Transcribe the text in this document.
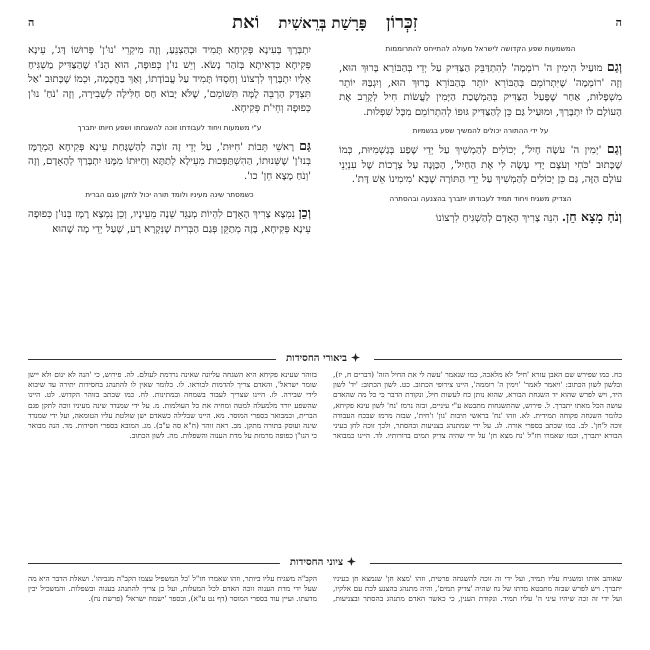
ה
זִכְּרוֹן פָּרָשַׁת בְּרֵאשִׁית וֹאת
ה
המשמעות שפע הקדושה לישראל מעולה להתייחס להתרוממות

וְגַם מוּעַיל הִימִין ה' רוֹמְמָה' לְהִתְדַּבֵּק הַצַּדִּיק עַל יְדֵי בְּהַבּוֹרֵא בָּרוּךְ הוּא, וְזֶה 'רוֹמְמָה' שֶׁיִּתְרוֹמֵם בְּהַבּוֹרֵא יוֹתֵר בְּהַבּוֹרֵא בָּרוּךְ הוּא, וְיִגְבַּהּ יוֹתֵר מִשְׁפָלוּת, אַחַר שֶׁפָּעַל הַצַּדִּיק בְּהַמְשָׁכַת הַיָּמִין לַעֲשׂוֹת חִיל לְקָרֵב אֶת הָעוֹלָם לוֹ יִתְבָּרַךְ, וּמוּעַיל גַּם כֵּן לְהַצַּדִּיק גּוּפוֹ לְהִתְרוֹמֵם מִכָּל שִׁפְלוּת.

על ידי ההתורה יכולים להמשיך שפע בגשמיות

וְגַם 'יְמִין ה' עֹשָׂה חָיִל', יְכוֹלִים לְהַמְשִׁיךְ עַל יְדֵי שֶׁפַע בְּגַשְׁמִיּוּת, כְּמוֹ שֶׁכָּתוּב 'כֹּחִי וְעֹצֶם יָדִי עָשָׂה לִי אֶת הַחַיִל', הַכַּוָּנָה עַל צְרָכוֹת שֶׁל עִנְיְנֵי עוֹלָם הַזֶּה, גַּם כֵּן יְכוֹלִים לְהַמְשִׁיךְ עַל יְדֵי הַתּוֹרָה שֶׁבָּא 'מִימִינוֹ אֵשׁ דָּת'.

הצדיק משגיח ויחוד תמיד לעבודתו יתברך בהצנעה ובהסתרה

וְנֹחַ מָצָא חֵן. הִנֵּה צָרִיךְ הָאָדָם לְהַשְׁגִּיחַ לִרְצוֹנוֹ

יִתְבָּרַךְ בְּעִינָא פְּקִיחָא תָּמִיד וּבְהַצְנֵעַ, וְזֶה מִיקְרֵי 'נוּ'ן' פְּרוּשׁוֹ דָּג', עֵינָא פְּקִיחָא כִּדְאִיתָא בְּזֹהַר נָשֹׂא. וְיֵשׁ נוּ'ן כְּפוּפָה, הוּא הַנּ'וּ שֶׁהַצַּדִּיק מַשְׁגִּיחַ אֵלָיו יִתְבָּרַךְ לִרְצוֹנוֹ וְחַסְדּוֹ תָּמִיד עַל עֲבוֹדָתוֹ, וְאַךְ בַּחֲכָמָה, וּכְמוֹ שֶׁכָּתוּב 'אַל תִּצְדַּק הַרְבֵּה לָמָּה תִּשּׁוֹמֵם', שֶׁלֹּא יָבוֹא חַס חַלִּילָה לִשְׁבִירָה, וְזֶה 'נֹחַ' נוּ'ן כְּפוּפָה וְחֵי'ת פְּקִיחָא.

ע"י משמעות ויחוד לעבודתו זוכה להשגחתו ושפע חיותו יתברך

גַּם רָאשֵׁי תֵּבוֹת 'חִיּוּת', עַל יְדֵי זֶה זוֹכֶה לְהַשְׁגָּחַת עֵינָא פְּקִיחָא הַמְרֻמָּז בְּנוּ'ן' שֶׁשְּׁנוּתוֹ, הַהִשְׁתַּפְּכוּת מִעֵילָא לְתַתָּא וְחַיּוּתוֹ מִמֶּנּוּ יִתְבָּרַךְ לְהָאָדָם, וְזֶה 'וְנֹחַ מָצָא חֵן' כו'.

כשמסתר שינה מעיניו ולומד תורה יכול לתקן פגם הברית

וְכֵן נִמְצָא צָרִיךְ הָאָדָם לִהְיוֹת מְנַגֵּד שֵׁנָה מֵעֵינָיו, וְכֵן נִמְצָא רֶמֶז בְּנוּ'ן כְּפוּפָה עֵינָא פְּקִיחָא, בָּזֶה מְתַקֵּן פְּגַם הַבְּרִית שֶׁנִּקְרָא רַע, שֶׁעַל יְדֵי מָה שֶׁהוּא

ביאורי החסידות
כח. כמו שפירש שם האבן עזרא 'חיל' לא מלאכה, כמו שנאמר 'עשה לי את החיל הזה' (דברים ח, יז), ובלשון לשון הכתוב: 'ויאמר לאמר' 'וימין ה' רוממה', היינו צירופי הכתוב. כט. לשון הכתוב: 'יד' לשון היד, ויש לפרש שהוא יד השגחת הבורא, שהוא נותן כח לעשות חיל, ונקודת הדבר כי כל מה שהאדם עושה הכל מאתו יתברך. ל. פירוש, שהתשגחות מתבטא ע"י עיניים, ובזה נרמז 'נח' לשון עינא פקיחא, כלומר השגחה פקוחה תמידית. לא. וזהו 'נח' בראשי תיבות 'נון' ו'חית', שבזה מרמז שבכח העבודה זוכה ל'חן'. לב. כמו שכתב בספרי אורה. לג. על ידי שמתנהג בצניעות ובהסתר, ולכך זוכה לחן בעיני הבורא יתברך, וכמו שאמרו חז"ל 'נח מצא חן' על ידי שהיה צדיק תמים בדורותיו. לד. היינו כמבואר בזוהר שעינא פקיחא היא השגחה עליונה שאינה נרדמת לעולם. לה. פירוש, כי 'הנה לא ינום ולא יישן שומר ישראל', והאדם צריך להדמות לבוראו. לו. כלומר שאין לו להתנהג בחסידות יתירה עד שיבוא לידי שבירה. לז. היינו שצריך לעבוד בשמחה ובמתינות. לח. כמו שכתב בזוהר הקדוש. לט. היינו שהשפע יורד מלמעלה למטה ומחיה את כל העולמות. מ. על ידי שמנדד שינה מעיניו זוכה לתקן פגם הברית, וכמבואר בספרי המוסר. מא. היינו שבלילה כשאדם ישן שולטת עליו הטומאה, ועל ידי שמנדד שינה ועוסק בתורה מתקן. מב. ראה זוהר (ח"א סה ע"ב). מג. המובא בספרי חסידות. מד. הנה מבואר כי הנו"ן כפופה מרמזת על מדת הענוה והשפלות. מה. לשון הכתוב.
ציוני החסידות
שאוהב אותו ומשגיח עליו תמיד, ועל ידי זה זוכה להשגחה פרטית, וזהו 'מצא חן' שנמצא חן בעיניו יתברך. ויש לפרש שבזה מתבטא מדתו של נח שהיה 'צדיק תמים', והיה מתנהג בהצנע לכת עם אלקיו, ועל ידי זה זכה שיהיו עיני ה' עליו תמיד. ונקודת הענין, כי כאשר האדם מתנהג בהסתר ובצניעות, הקב"ה משגיח עליו ביותר, וזהו שאמרו חז"ל 'כל המשפיל עצמו הקב"ה מגביהו'. ושאלת הדבר היא מה שעל ידי מדת הענוה זוכה האדם לכל המעלות, ועל כן צריך להתנהג בענוה ובשפלות. והמשכיל יבין מדעתו. ועיין עוד בספרי המוסר (דף נט ע"א), ובספר 'ישמח ישראל' (פרשת נח).
